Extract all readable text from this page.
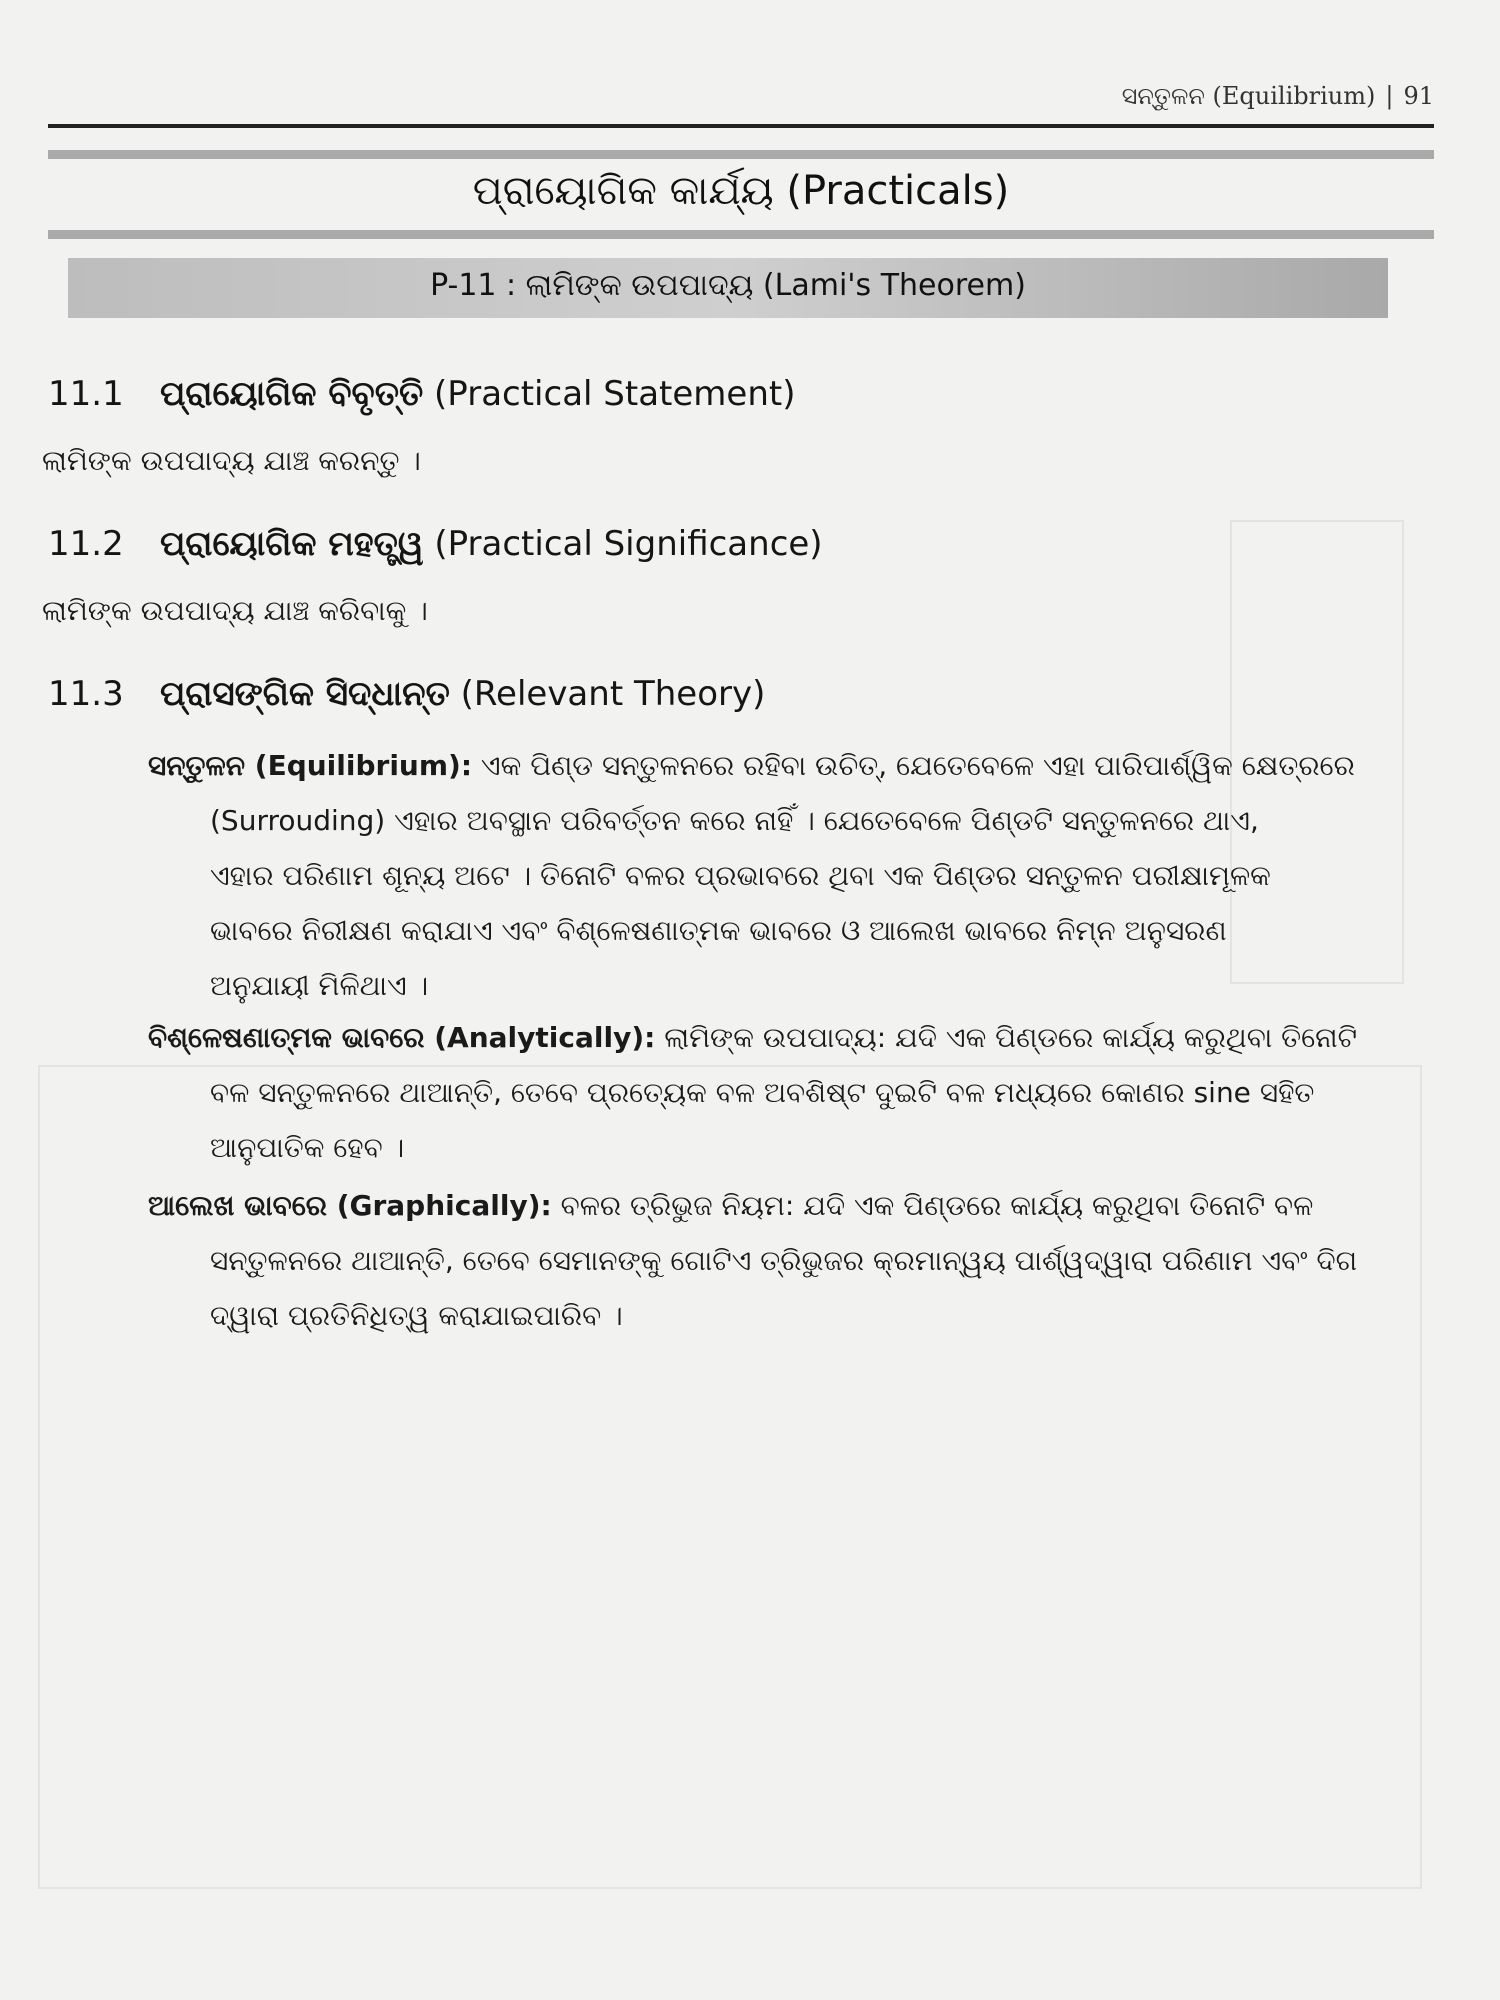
ସନ୍ତୁଳନ (Equilibrium) | 91
ପ୍ରାୟୋଗିକ କାର୍ଯ୍ୟ (Practicals)
P-11 : ଲାମିଙ୍କ ଉପପାଦ୍ୟ (Lami's Theorem)
11.1 ପ୍ରାୟୋଗିକ ବିବୃତ୍ତି (Practical Statement)
ଲାମିଙ୍କ ଉପପାଦ୍ୟ ଯାଞ୍ଚ କରନ୍ତୁ ।
11.2 ପ୍ରାୟୋଗିକ ମହତ୍ତ୍ୱ (Practical Significance)
ଲାମିଙ୍କ ଉପପାଦ୍ୟ ଯାଞ୍ଚ କରିବାକୁ ।
11.3 ପ୍ରାସଙ୍ଗିକ ସିଦ୍ଧାନ୍ତ (Relevant Theory)
ସନ୍ତୁଳନ (Equilibrium): ଏକ ପିଣ୍ଡ ସନ୍ତୁଳନରେ ରହିବା ଉଚିତ୍, ଯେତେବେଳେ ଏହା ପାରିପାର୍ଶ୍ୱିକ କ୍ଷେତ୍ରରେ
(Surrouding) ଏହାର ଅବସ୍ଥାନ ପରିବର୍ତ୍ତନ କରେ ନାହିଁ । ଯେତେବେଳେ ପିଣ୍ଡଟି ସନ୍ତୁଳନରେ ଥାଏ,
ଏହାର ପରିଣାମ ଶୂନ୍ୟ ଅଟେ । ତିନୋଟି ବଳର ପ୍ରଭାବରେ ଥିବା ଏକ ପିଣ୍ଡର ସନ୍ତୁଳନ ପରୀକ୍ଷାମୂଳକ
ଭାବରେ ନିରୀକ୍ଷଣ କରାଯାଏ ଏବଂ ବିଶ୍ଳେଷଣାତ୍ମକ ଭାବରେ ଓ ଆଲେଖ ଭାବରେ ନିମ୍ନ ଅନୁସରଣ
ଅନୁଯାୟୀ ମିଳିଥାଏ ।
ବିଶ୍ଳେଷଣାତ୍ମକ ଭାବରେ (Analytically): ଲାମିଙ୍କ ଉପପାଦ୍ୟ: ଯଦି ଏକ ପିଣ୍ଡରେ କାର୍ଯ୍ୟ କରୁଥିବା ତିନୋଟି
ବଳ ସନ୍ତୁଳନରେ ଥାଆନ୍ତି, ତେବେ ପ୍ରତ୍ୟେକ ବଳ ଅବଶିଷ୍ଟ ଦୁଇଟି ବଳ ମଧ୍ୟରେ କୋଣର sine ସହିତ
ଆନୁପାତିକ ହେବ ।
ଆଲେଖ ଭାବରେ (Graphically): ବଳର ତ୍ରିଭୁଜ ନିୟମ: ଯଦି ଏକ ପିଣ୍ଡରେ କାର୍ଯ୍ୟ କରୁଥିବା ତିନୋଟି ବଳ
ସନ୍ତୁଳନରେ ଥାଆନ୍ତି, ତେବେ ସେମାନଙ୍କୁ ଗୋଟିଏ ତ୍ରିଭୁଜର କ୍ରମାନ୍ୱୟ ପାର୍ଶ୍ୱଦ୍ୱାରା ପରିଣାମ ଏବଂ ଦିଗ
ଦ୍ୱାରା ପ୍ରତିନିଧିତ୍ୱ କରାଯାଇପାରିବ ।
